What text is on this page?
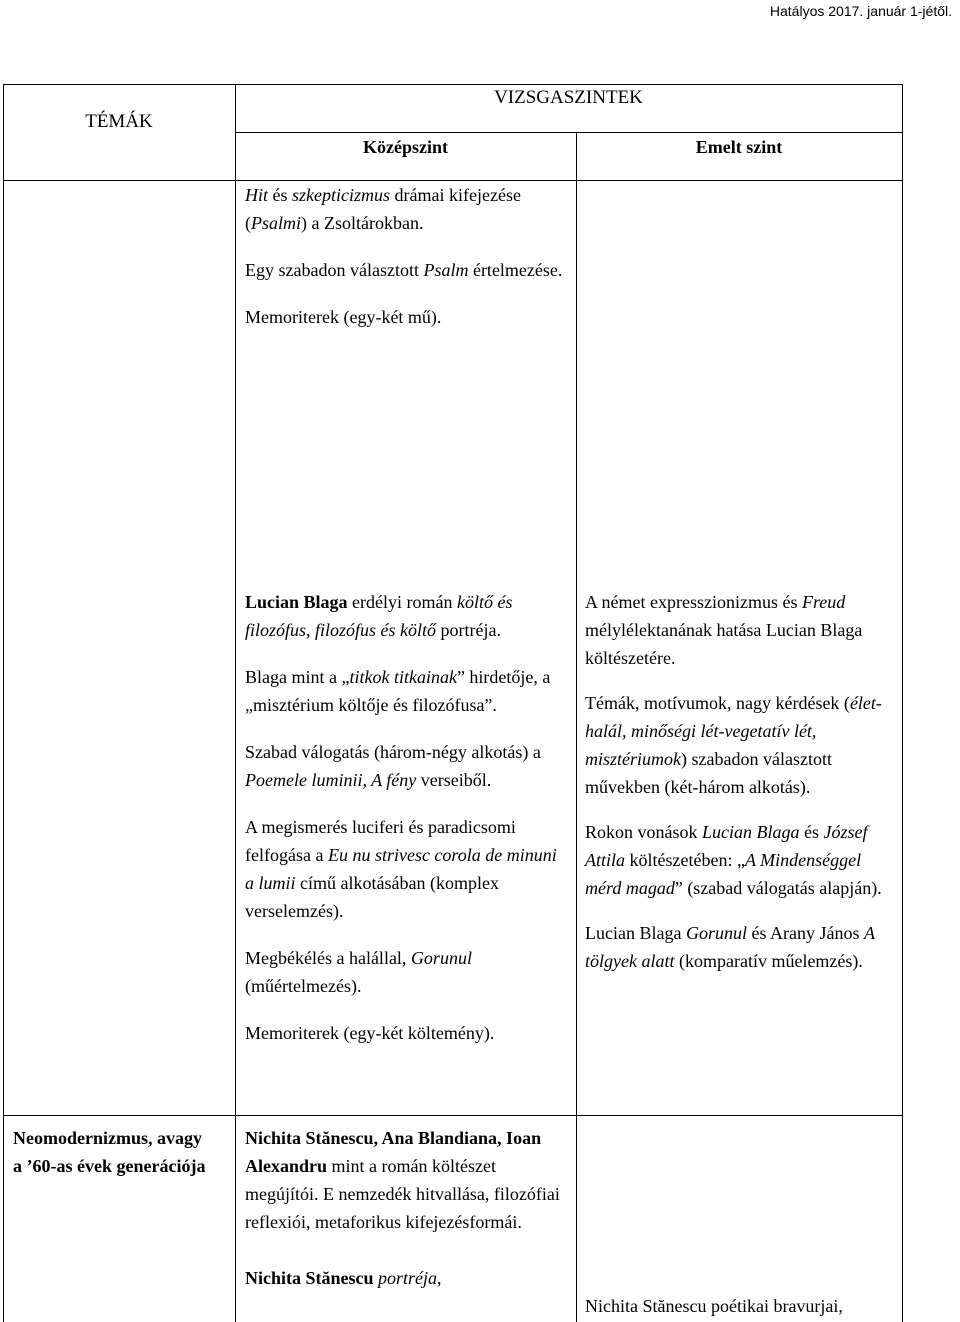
Hatályos 2017. január 1-jétől.
TÉMÁK
VIZSGASZINTEK
Középszint	Emelt szint

Hit és szkepticizmus drámai kifejezése (Psalmi) a Zsoltárokban.

Egy szabadon választott Psalm értelmezése.

Memoriterek (egy-két mű).

Lucian Blaga erdélyi román költő és filozófus, filozófus és költő portréja.

Blaga mint a „titkok titkainak” hirdetője, a „misztérium költője és filozófusa”.

Szabad válogatás (három-négy alkotás) a Poemele luminii, A fény verseiből.

A megismerés luciferi és paradicsomi felfogása a Eu nu strivesc corola de minuni a lumii című alkotásában (komplex verselemzés).

Megbékélés a halállal, Gorunul (műértelmezés).

Memoriterek (egy-két költemény).

A német expresszionizmus és Freud mélylélektanának hatása Lucian Blaga költészetére.

Témák, motívumok, nagy kérdések (élet-halál, minőségi lét-vegetatív lét, misztériumok) szabadon választott művekben (két-három alkotás).

Rokon vonások Lucian Blaga és József Attila költészetében: „A Mindenséggel mérd magad” (szabad válogatás alapján).

Lucian Blaga Gorunul és Arany János A tölgyek alatt (komparatív műelemzés).

Neomodernizmus, avagy a ’60-as évek generációja

Nichita Stănescu, Ana Blandiana, Ioan Alexandru mint a román költészet megújítói. E nemzedék hitvallása, filozófiai reflexiói, metaforikus kifejezésformái.

Nichita Stănescu portréja,

Nichita Stănescu poétikai bravurjai,
